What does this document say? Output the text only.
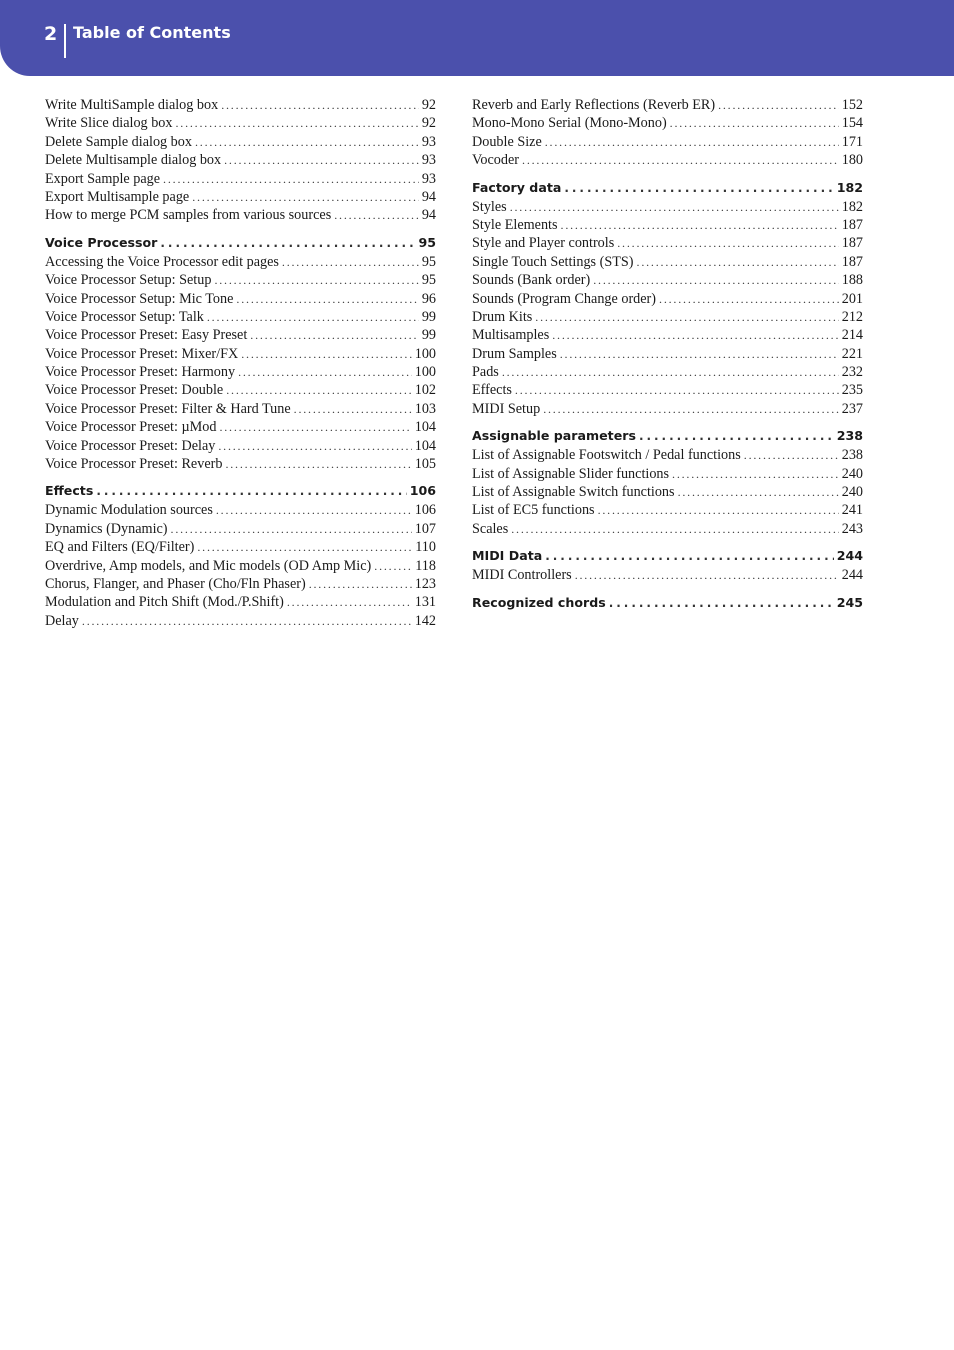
2 Table of Contents
Write MultiSample dialog box . . .	92
Write Slice dialog box . . .	92
Delete Sample dialog box . . .	93
Delete Multisample dialog box . . .	93
Export Sample page . . .	93
Export Multisample page . . .	94
How to merge PCM samples from various sources . . .	94
Voice Processor . . .	95
Accessing the Voice Processor edit pages . . .	95
Voice Processor Setup: Setup . . .	95
Voice Processor Setup: Mic Tone . . .	96
Voice Processor Setup: Talk . . .	99
Voice Processor Preset: Easy Preset . . .	99
Voice Processor Preset: Mixer/FX . . .	100
Voice Processor Preset: Harmony . . .	100
Voice Processor Preset: Double . . .	102
Voice Processor Preset: Filter & Hard Tune . . .	103
Voice Processor Preset: µMod . . .	104
Voice Processor Preset: Delay . . .	104
Voice Processor Preset: Reverb . . .	105
Effects . . .	106
Dynamic Modulation sources . . .	106
Dynamics (Dynamic) . . .	107
EQ and Filters (EQ/Filter) . . .	110
Overdrive, Amp models, and Mic models (OD Amp Mic) . . .	118
Chorus, Flanger, and Phaser (Cho/Fln Phaser) . . .	123
Modulation and Pitch Shift (Mod./P.Shift) . . .	131
Delay . . .	142
Reverb and Early Reflections (Reverb ER) . . .	152
Mono-Mono Serial (Mono-Mono) . . .	154
Double Size . . .	171
Vocoder . . .	180
Factory data . . .	182
Styles . . .	182
Style Elements . . .	187
Style and Player controls . . .	187
Single Touch Settings (STS) . . .	187
Sounds (Bank order) . . .	188
Sounds (Program Change order) . . .	201
Drum Kits . . .	212
Multisamples . . .	214
Drum Samples . . .	221
Pads . . .	232
Effects . . .	235
MIDI Setup . . .	237
Assignable parameters . . .	238
List of Assignable Footswitch / Pedal functions . . .	238
List of Assignable Slider functions . . .	240
List of Assignable Switch functions . . .	240
List of EC5 functions . . .	241
Scales . . .	243
MIDI Data . . .	244
MIDI Controllers . . .	244
Recognized chords . . .	245
